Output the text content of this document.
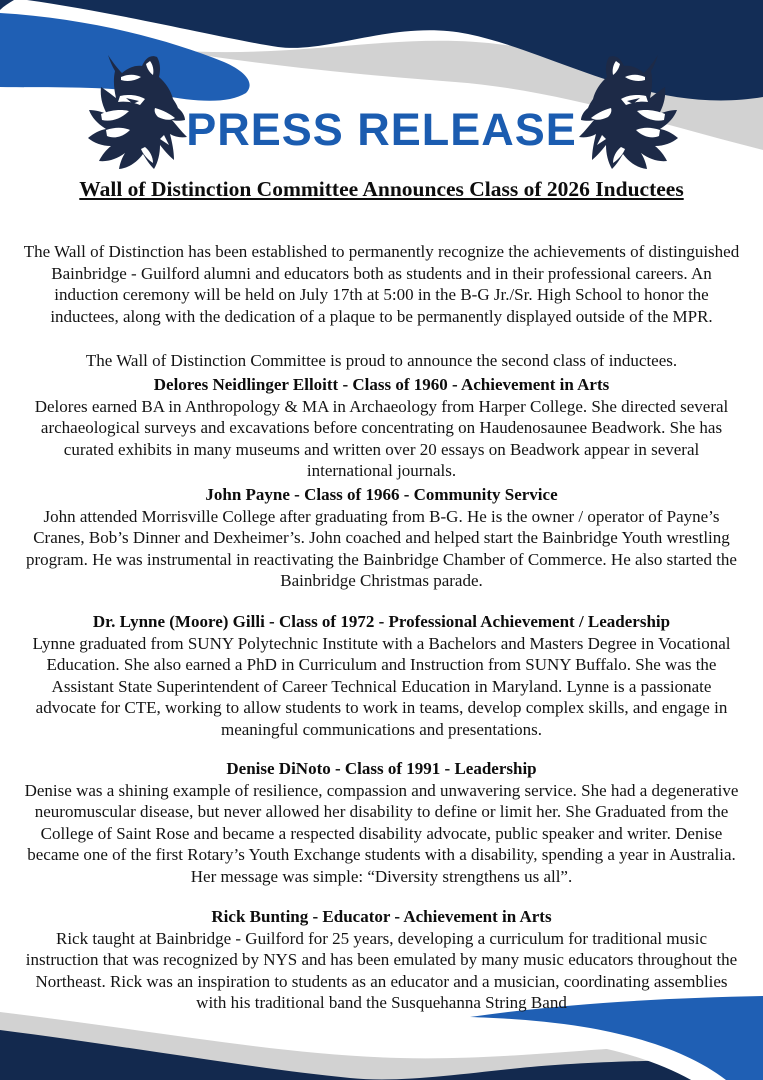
PRESS RELEASE
Wall of Distinction Committee Announces Class of 2026 Inductees

The Wall of Distinction has been established to permanently recognize the achievements of distinguished Bainbridge - Guilford alumni and educators both as students and in their professional careers. An induction ceremony will be held on July 17th at 5:00 in the B-G Jr./Sr. High School to honor the inductees, along with the dedication of a plaque to be permanently displayed outside of the MPR.

The Wall of Distinction Committee is proud to announce the second class of inductees.

Delores Neidlinger Elloitt - Class of 1960 - Achievement in Arts

Delores earned BA in Anthropology & MA in Archaeology from Harper College. She directed several archaeological surveys and excavations before concentrating on Haudenosaunee Beadwork. She has curated exhibits in many museums and written over 20 essays on Beadwork appear in several international journals.

John Payne - Class of 1966 - Community Service

John attended Morrisville College after graduating from B-G. He is the owner / operator of Payne’s Cranes, Bob’s Dinner and Dexheimer’s. John coached and helped start the Bainbridge Youth wrestling program. He was instrumental in reactivating the Bainbridge Chamber of Commerce. He also started the Bainbridge Christmas parade.

Dr. Lynne (Moore) Gilli - Class of 1972 - Professional Achievement / Leadership

Lynne graduated from SUNY Polytechnic Institute with a Bachelors and Masters Degree in Vocational Education. She also earned a PhD in Curriculum and Instruction from SUNY Buffalo. She was the Assistant State Superintendent of Career Technical Education in Maryland. Lynne is a passionate advocate for CTE, working to allow students to work in teams, develop complex skills, and engage in meaningful communications and presentations.

Denise DiNoto - Class of 1991 - Leadership

Denise was a shining example of resilience, compassion and unwavering service. She had a degenerative neuromuscular disease, but never allowed her disability to define or limit her. She Graduated from the College of Saint Rose and became a respected disability advocate, public speaker and writer. Denise became one of the first Rotary’s Youth Exchange students with a disability, spending a year in Australia. Her message was simple: “Diversity strengthens us all”.

Rick Bunting - Educator - Achievement in Arts

Rick taught at Bainbridge - Guilford for 25 years, developing a curriculum for traditional music instruction that was recognized by NYS and has been emulated by many music educators throughout the Northeast. Rick was an inspiration to students as an educator and a musician, coordinating assemblies with his traditional band the Susquehanna String Band
